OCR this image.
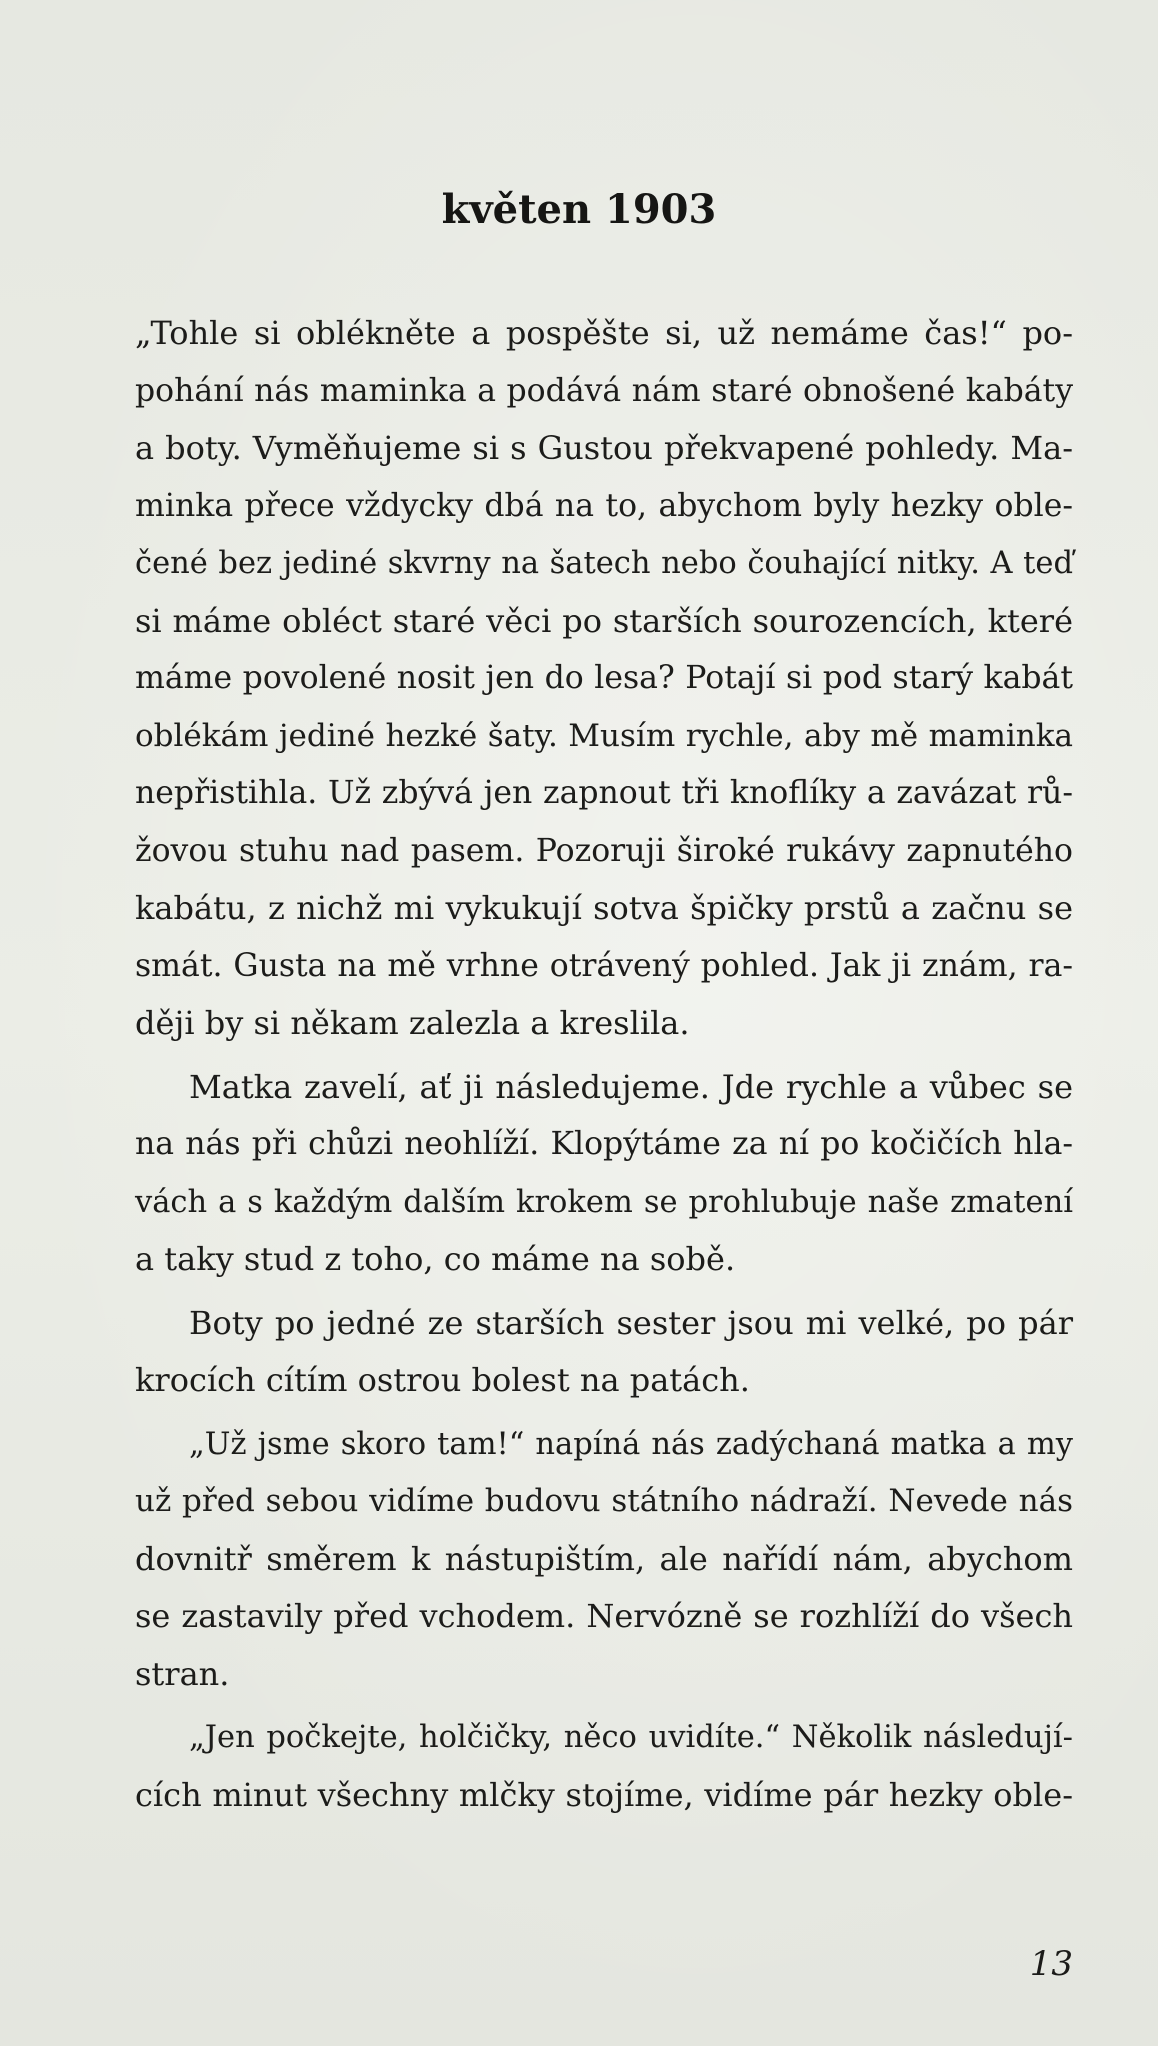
květen 1903

„Tohle si oblékněte a pospěšte si, už nemáme čas!“ po-
pohání nás maminka a podává nám staré obnošené kabáty
a boty. Vyměňujeme si s Gustou překvapené pohledy. Ma-
minka přece vždycky dbá na to, abychom byly hezky oble-
čené bez jediné skvrny na šatech nebo čouhající nitky. A teď
si máme obléct staré věci po starších sourozencích, které
máme povolené nosit jen do lesa? Potají si pod starý kabát
oblékám jediné hezké šaty. Musím rychle, aby mě maminka
nepřistihla. Už zbývá jen zapnout tři knoflíky a zavázat rů-
žovou stuhu nad pasem. Pozoruji široké rukávy zapnutého
kabátu, z nichž mi vykukují sotva špičky prstů a začnu se
smát. Gusta na mě vrhne otrávený pohled. Jak ji znám, ra-
ději by si někam zalezla a kreslila.

Matka zavelí, ať ji následujeme. Jde rychle a vůbec se
na nás při chůzi neohlíží. Klopýtáme za ní po kočičích hla-
vách a s každým dalším krokem se prohlubuje naše zmatení
a taky stud z toho, co máme na sobě.

Boty po jedné ze starších sester jsou mi velké, po pár
krocích cítím ostrou bolest na patách.

„Už jsme skoro tam!“ napíná nás zadýchaná matka a my
už před sebou vidíme budovu státního nádraží. Nevede nás
dovnitř směrem k nástupištím, ale nařídí nám, abychom
se zastavily před vchodem. Nervózně se rozhlíží do všech
stran.

„Jen počkejte, holčičky, něco uvidíte.“ Několik následují-
cích minut všechny mlčky stojíme, vidíme pár hezky oble-

13
